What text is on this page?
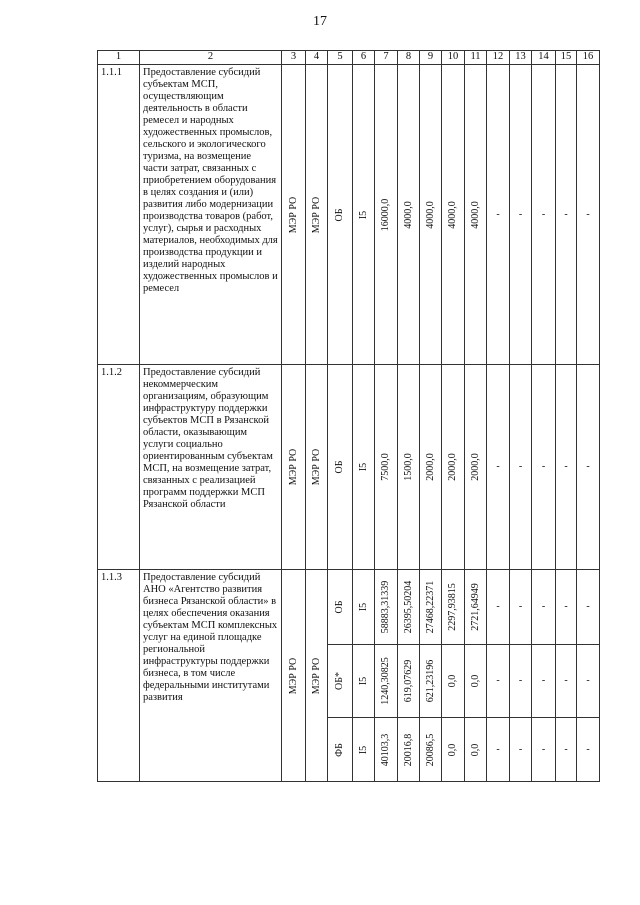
17
1	2	3	4	5	6	7	8	9	10	11	12	13	14	15	16
1.1.1	Предоставление субсидий субъектам МСП, осуществляющим деятельность в области ремесел и народных художественных промыслов, сельского и экологического туризма, на возмещение части затрат, связанных с приобретением оборудования в целях создания и (или) развития либо модернизации производства товаров (работ, услуг), сырья и расходных материалов, необходимых для производства продукции и изделий народных художественных промыслов и ремесел	МЭР РО	МЭР РО	ОБ	I5	16000,0	4000,0	4000,0	4000,0	4000,0	-	-	-	-	-

1.1.2	Предоставление субсидий некоммерческим организациям, образующим инфраструктуру поддержки субъектов МСП в Рязанской области, оказывающим услуги социально ориентированным субъектам МСП, на возмещение затрат, связанных с реализацией программ поддержки МСП Рязанской области	МЭР РО	МЭР РО	ОБ	I5	7500,0	1500,0	2000,0	2000,0	2000,0	-	-	-	-	-

1.1.3	Предоставление субсидий АНО «Агентство развития бизнеса Рязанской области» в целях обеспечения оказания субъектам МСП комплексных услуг на единой площадке региональной инфраструктуры поддержки бизнеса, в том числе федеральными институтами развития	МЭР РО	МЭР РО	ОБ	I5	58883,31339	26395,50204	27468,22371	2297,93815	2721,64949	-	-	-	-	-

				ОБ*	I5	1240,30825	619,07629	621,23196	0,0	0,0	-	-	-	-	-

				ФБ	I5	40103,3	20016,8	20086,5	0,0	0,0	-	-	-	-	-
